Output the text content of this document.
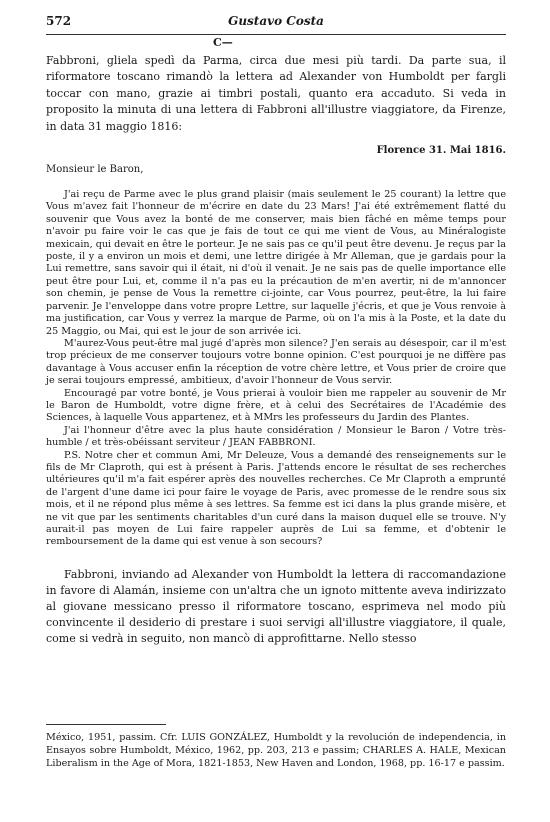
572	Gustavo Costa

Fabbroni, gliela spedì da Parma, circa due mesi più tardi. Da parte sua, il riformatore toscano rimandò la lettera ad Alexander von Humboldt per fargli toccar con mano, grazie ai timbri postali, quanto era accaduto. Si veda in proposito la minuta di una lettera di Fabbroni all'illustre viaggiatore, da Firenze, in data 31 maggio 1816:

Florence 31. Mai 1816.
Monsieur le Baron,

J'ai reçu de Parme avec le plus grand plaisir (mais seulement le 25 courant) la lettre que Vous m'avez fait l'honneur de m'écrire en date du 23 Mars! J'ai été extrêmement flatté du souvenir que Vous avez la bonté de me conserver, mais bien fâché en même temps pour n'avoir pu faire voir le cas que je fais de tout ce qui me vient de Vous, au Minéralogiste mexicain, qui devait en être le porteur. Je ne sais pas ce qu'il peut être devenu. Je reçus par la poste, il y a environ un mois et demi, une lettre dirigée à Mr Alleman, que je gardais pour la Lui remettre, sans savoir qui il était, ni d'où il venait. Je ne sais pas de quelle importance elle peut être pour Lui, et, comme il n'a pas eu la précaution de m'en avertir, ni de m'annoncer son chemin, je pense de Vous la remettre ci-jointe, car Vous pourrez, peut-être, la lui faire parvenir. Je l'enveloppe dans votre propre Lettre, sur laquelle j'écris, et que je Vous renvoie à ma justification, car Vous y verrez la marque de Parme, où on l'a mis à la Poste, et la date du 25 Maggio, ou Mai, qui est le jour de son arrivée ici.

M'aurez-Vous peut-être mal jugé d'après mon silence? J'en serais au désespoir, car il m'est trop précieux de me conserver toujours votre bonne opinion. C'est pourquoi je ne diffère pas davantage à Vous accuser enfin la réception de votre chère lettre, et Vous prier de croire que je serai toujours empressé, ambitieux, d'avoir l'honneur de Vous servir.

Encouragé par votre bonté, je Vous prierai à vouloir bien me rappeler au souvenir de Mr le Baron de Humboldt, votre digne frère, et à celui des Secrétaires de l'Académie des Sciences, à laquelle Vous appartenez, et à MMrs les professeurs du Jardin des Plantes.

J'ai l'honneur d'être avec la plus haute considération / Monsieur le Baron / Votre très-humble / et très-obéissant serviteur / JEAN FABBRONI.

P.S. Notre cher et commun Ami, Mr Deleuze, Vous a demandé des renseignements sur le fils de Mr Claproth, qui est à présent à Paris. J'attends encore le résultat de ses recherches ultérieures qu'il m'a fait espérer après des nouvelles recherches. Ce Mr Claproth a emprunté de l'argent d'une dame ici pour faire le voyage de Paris, avec promesse de le rendre sous six mois, et il ne répond plus même à ses lettres. Sa femme est ici dans la plus grande misère, et ne vit que par les sentiments charitables d'un curé dans la maison duquel elle se trouve. N'y aurait-il pas moyen de Lui faire rappeler auprès de Lui sa femme, et d'obtenir le remboursement de la dame qui est venue à son secours?

Fabbroni, inviando ad Alexander von Humboldt la lettera di raccomandazione in favore di Alamán, insieme con un'altra che un ignoto mittente aveva indirizzato al giovane messicano presso il riformatore toscano, esprimeva nel modo più convincente il desiderio di prestare i suoi servigi all'illustre viaggiatore, il quale, come si vedrà in seguito, non mancò di approfittarne. Nello stesso

C—

México, 1951, passim. Cfr. LUIS GONZÁLEZ, Humboldt y la revolución de independencia, in Ensayos sobre Humboldt, México, 1962, pp. 203, 213 e passim; CHARLES A. HALE, Mexican Liberalism in the Age of Mora, 1821-1853, New Haven and London, 1968, pp. 16-17 e passim.
